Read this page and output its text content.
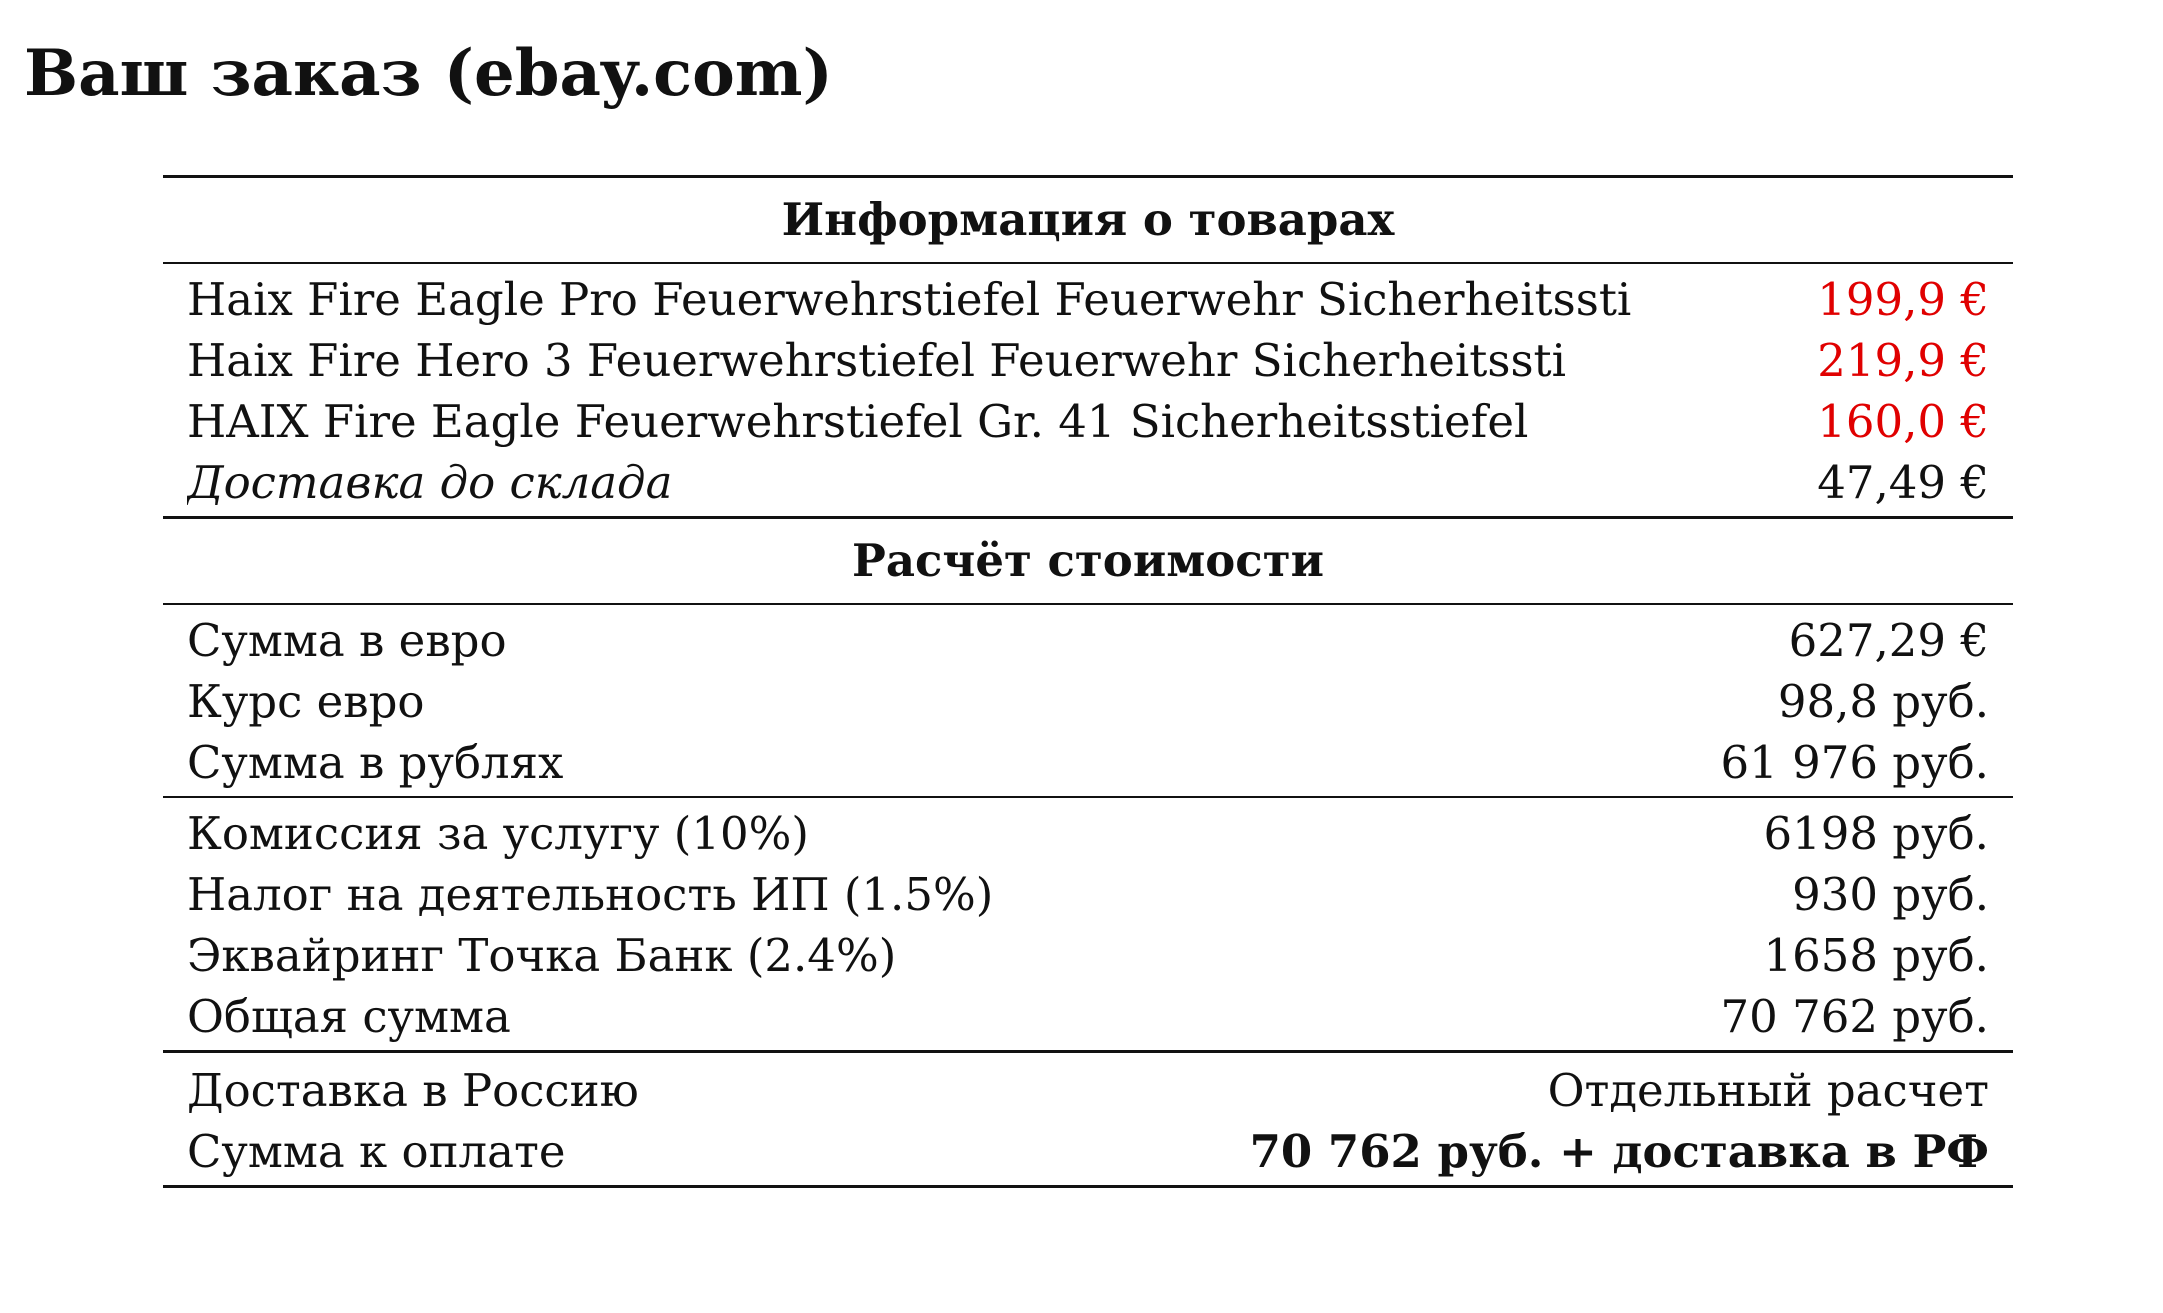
Ваш заказ (ebay.com)
Информация о товарах
Haix Fire Eagle Pro Feuerwehrstiefel Feuerwehr Sicherheitssti	199,9 €
Haix Fire Hero 3 Feuerwehrstiefel Feuerwehr Sicherheitssti	219,9 €
HAIX Fire Eagle Feuerwehrstiefel Gr. 41 Sicherheitsstiefel	160,0 €
Доставка до склада	47,49 €
Расчёт стоимости
Сумма в евро	627,29 €
Курс евро	98,8 руб.
Сумма в рублях	61 976 руб.
Комиссия за услугу (10%)	6198 руб.
Налог на деятельность ИП (1.5%)	930 руб.
Эквайринг Точка Банк (2.4%)	1658 руб.
Общая сумма	70 762 руб.
Доставка в Россию	Отдельный расчет
Сумма к оплате	70 762 руб. + доставка в РФ
